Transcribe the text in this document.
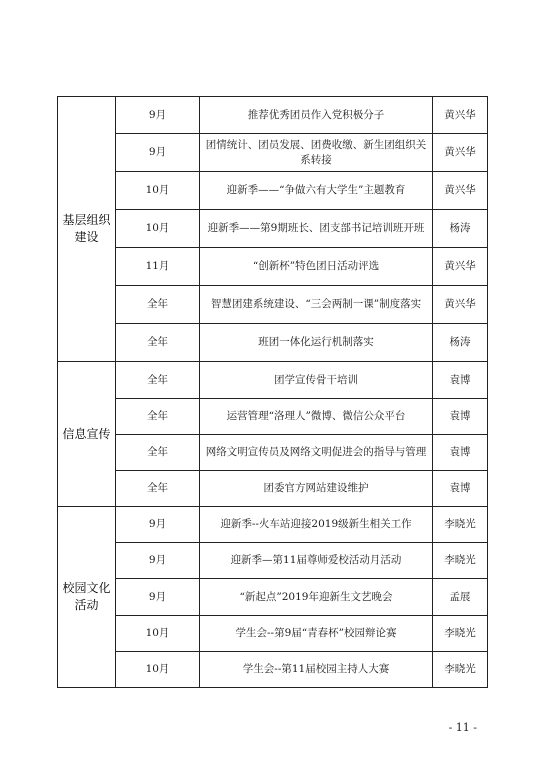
基层组织建设	9月	推荐优秀团员作入党积极分子	黄兴华
	9月	团情统计、团员发展、团费收缴、新生团组织关系转接	黄兴华
	10月	迎新季——“争做六有大学生”主题教育	黄兴华
	10月	迎新季——第9期班长、团支部书记培训班开班	杨涛
	11月	“创新杯”特色团日活动评选	黄兴华
	全年	智慧团建系统建设、“三会两制一课”制度落实	黄兴华
	全年	班团一体化运行机制落实	杨涛
信息宣传	全年	团学宣传骨干培训	袁博
	全年	运营管理“洛理人”微博、微信公众平台	袁博
	全年	网络文明宣传员及网络文明促进会的指导与管理	袁博
	全年	团委官方网站建设维护	袁博
校园文化活动	9月	迎新季--火车站迎接2019级新生相关工作	李晓光
	9月	迎新季—第11届尊师爱校活动月活动	李晓光
	9月	“新起点”2019年迎新生文艺晚会	孟展
	10月	学生会--第9届“青春杯”校园辩论赛	李晓光
	10月	学生会--第11届校园主持人大赛	李晓光
- 11 -
